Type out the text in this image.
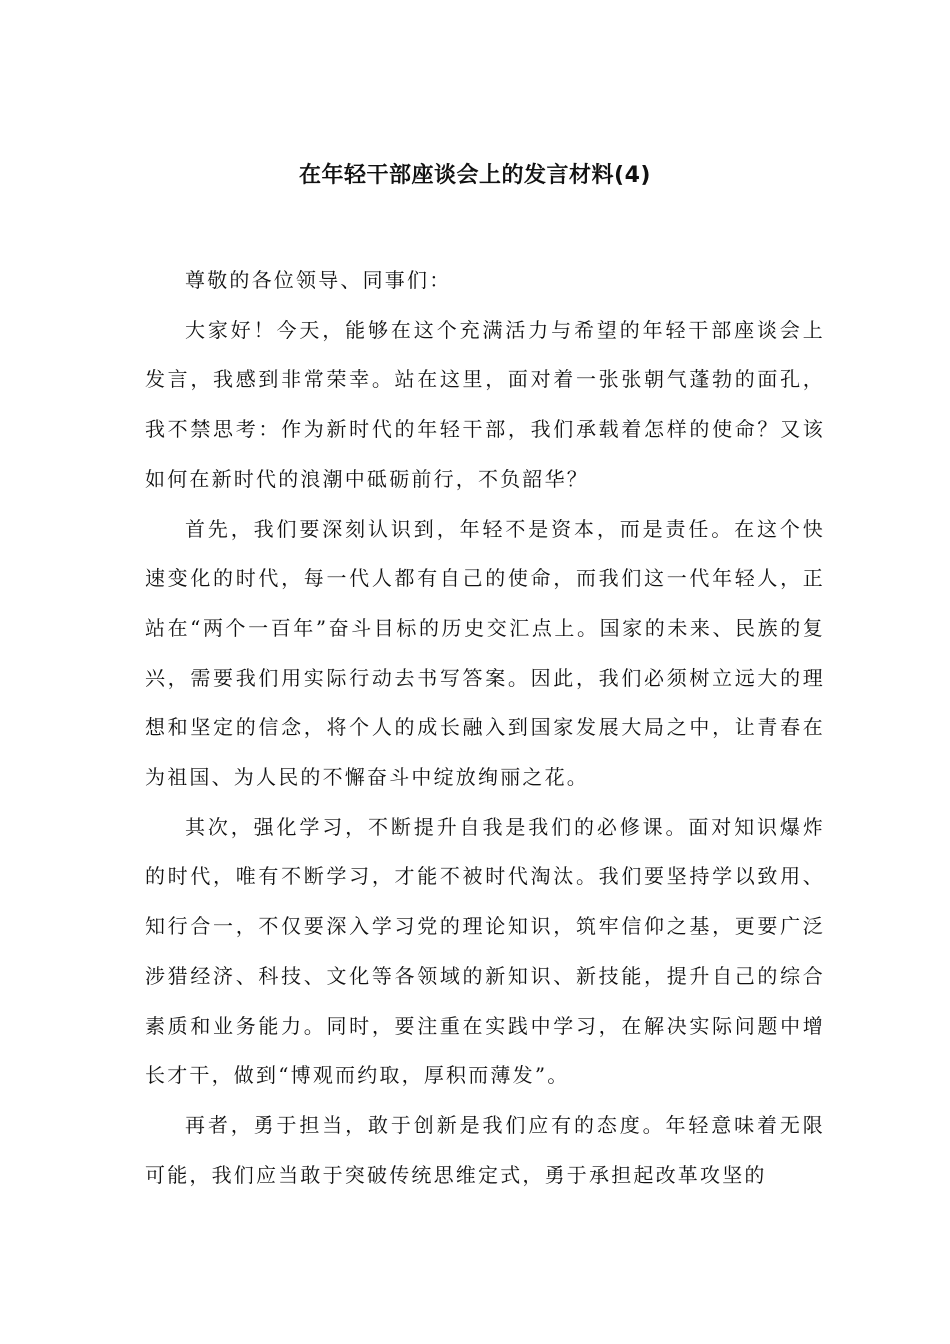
在年轻干部座谈会上的发言材料(4)

尊敬的各位领导、同事们：

大家好！今天，能够在这个充满活力与希望的年轻干部座谈会上发言，我感到非常荣幸。站在这里，面对着一张张朝气蓬勃的面孔，我不禁思考：作为新时代的年轻干部，我们承载着怎样的使命？又该如何在新时代的浪潮中砥砺前行，不负韶华？

首先，我们要深刻认识到，年轻不是资本，而是责任。在这个快速变化的时代，每一代人都有自己的使命，而我们这一代年轻人，正站在“两个一百年”奋斗目标的历史交汇点上。国家的未来、民族的复兴，需要我们用实际行动去书写答案。因此，我们必须树立远大的理想和坚定的信念，将个人的成长融入到国家发展大局之中，让青春在为祖国、为人民的不懈奋斗中绽放绚丽之花。

其次，强化学习，不断提升自我是我们的必修课。面对知识爆炸的时代，唯有不断学习，才能不被时代淘汰。我们要坚持学以致用、知行合一，不仅要深入学习党的理论知识，筑牢信仰之基，更要广泛涉猎经济、科技、文化等各领域的新知识、新技能，提升自己的综合素质和业务能力。同时，要注重在实践中学习，在解决实际问题中增长才干，做到“博观而约取，厚积而薄发”。

再者，勇于担当，敢于创新是我们应有的态度。年轻意味着无限可能，我们应当敢于突破传统思维定式，勇于承担起改革攻坚的
